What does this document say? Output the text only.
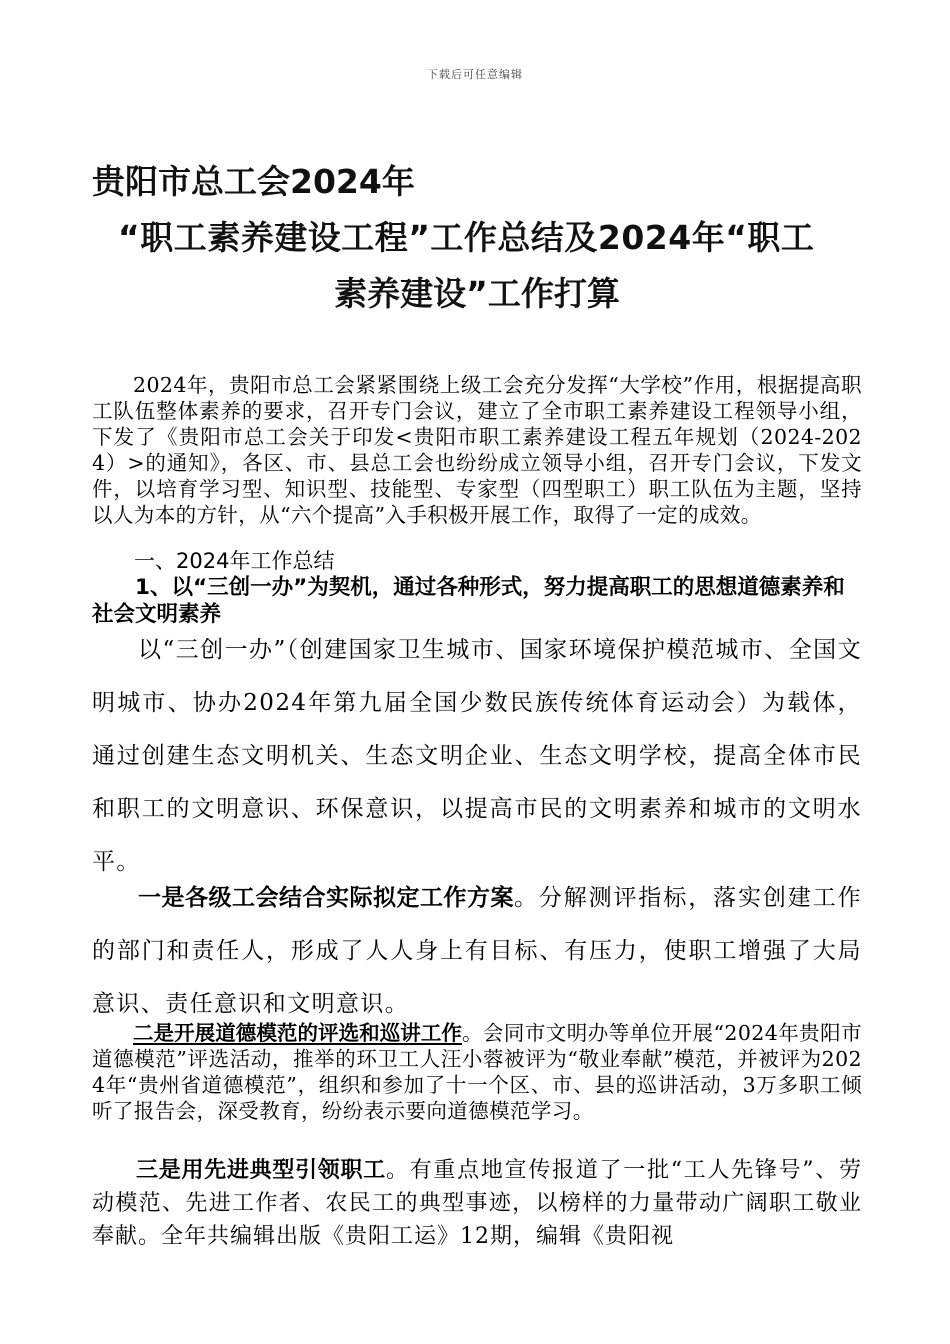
下载后可任意编辑
贵阳市总工会2024年
“职工素养建设工程”工作总结及2024年“职工
素养建设”工作打算
2024年，贵阳市总工会紧紧围绕上级工会充分发挥“大学校”作用，根据提高职工队伍整体素养的要求，召开专门会议，建立了全市职工素养建设工程领导小组，下发了《贵阳市总工会关于印发<贵阳市职工素养建设工程五年规划（2024-2024）>的通知》，各区、市、县总工会也纷纷成立领导小组，召开专门会议，下发文件，以培育学习型、知识型、技能型、专家型（四型职工）职工队伍为主题，坚持以人为本的方针，从“六个提高”入手积极开展工作，取得了一定的成效。
一、2024年工作总结
1、以“三创一办”为契机，通过各种形式，努力提高职工的思想道德素养和社会文明素养
以“三创一办”（创建国家卫生城市、国家环境保护模范城市、全国文明城市、协办2024年第九届全国少数民族传统体育运动会）为载体，通过创建生态文明机关、生态文明企业、生态文明学校，提高全体市民和职工的文明意识、环保意识，以提高市民的文明素养和城市的文明水平。
一是各级工会结合实际拟定工作方案。分解测评指标，落实创建工作的部门和责任人，形成了人人身上有目标、有压力，使职工增强了大局意识、责任意识和文明意识。
二是开展道德模范的评选和巡讲工作。会同市文明办等单位开展“2024年贵阳市道德模范”评选活动，推举的环卫工人汪小蓉被评为“敬业奉献”模范，并被评为2024年“贵州省道德模范”，组织和参加了十一个区、市、县的巡讲活动，3万多职工倾听了报告会，深受教育，纷纷表示要向道德模范学习。
三是用先进典型引领职工。有重点地宣传报道了一批“工人先锋号”、劳动模范、先进工作者、农民工的典型事迹，以榜样的力量带动广阔职工敬业奉献。全年共编辑出版《贵阳工运》12期，编辑《贵阳视
